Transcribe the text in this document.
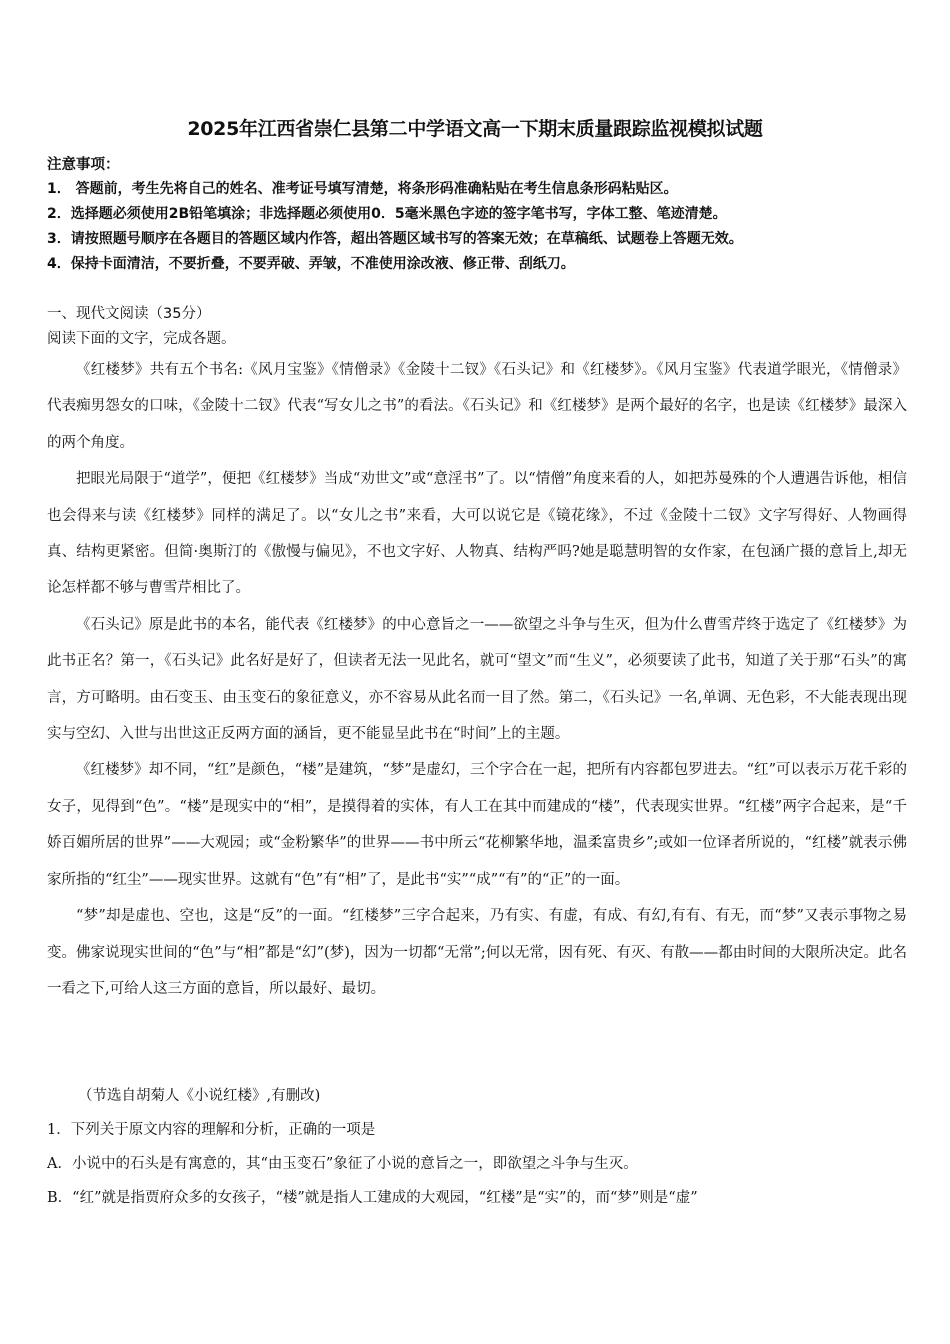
2025年江西省崇仁县第二中学语文高一下期末质量跟踪监视模拟试题
注意事项：
1． 答题前，考生先将自己的姓名、准考证号填写清楚，将条形码准确粘贴在考生信息条形码粘贴区。
2．选择题必须使用2B铅笔填涂；非选择题必须使用0．5毫米黑色字迹的签字笔书写，字体工整、笔迹清楚。
3．请按照题号顺序在各题目的答题区域内作答，超出答题区域书写的答案无效；在草稿纸、试题卷上答题无效。
4．保持卡面清洁，不要折叠，不要弄破、弄皱，不准使用涂改液、修正带、刮纸刀。
一、现代文阅读（35分）
阅读下面的文字，完成各题。

《红楼梦》共有五个书名:《风月宝鉴》《情僧录》《金陵十二钗》《石头记》和《红楼梦》。《风月宝鉴》代表道学眼光，《情僧录》代表痴男怨女的口味，《金陵十二钗》代表“写女儿之书”的看法。《石头记》和《红楼梦》是两个最好的名字，也是读《红楼梦》最深入的两个角度。

把眼光局限于“道学”，便把《红楼梦》当成“劝世文”或“意淫书”了。以“情僧”角度来看的人，如把苏曼殊的个人遭遇告诉他，相信也会得来与读《红楼梦》同样的满足了。以“女儿之书”来看，大可以说它是《镜花缘》，不过《金陵十二钗》文字写得好、人物画得真、结构更紧密。但简·奥斯汀的《傲慢与偏见》，不也文字好、人物真、结构严吗?她是聪慧明智的女作家，在包涵广摄的意旨上,却无论怎样都不够与曹雪芹相比了。

《石头记》原是此书的本名，能代表《红楼梦》的中心意旨之一——欲望之斗争与生灭，但为什么曹雪芹终于选定了《红楼梦》为此书正名？第一，《石头记》此名好是好了，但读者无法一见此名，就可“望文”而“生义”，必须要读了此书，知道了关于那“石头”的寓言，方可略明。由石变玉、由玉变石的象征意义，亦不容易从此名而一目了然。第二，《石头记》一名,单调、无色彩，不大能表现出现实与空幻、入世与出世这正反两方面的涵旨，更不能显呈此书在“时间”上的主题。

《红楼梦》却不同，“红”是颜色，“楼”是建筑，“梦”是虚幻，三个字合在一起，把所有内容都包罗进去。“红”可以表示万花千彩的女子，见得到“色”。“楼”是现实中的“相”，是摸得着的实体，有人工在其中而建成的“楼”，代表现实世界。“红楼”两字合起来，是“千娇百媚所居的世界”——大观园；或“金粉繁华”的世界——书中所云“花柳繁华地，温柔富贵乡”;或如一位译者所说的，“红楼”就表示佛家所指的“红尘”——现实世界。这就有“色”有“相”了，是此书“实”“成”“有”的“正”的一面。

“梦”却是虚也、空也，这是“反”的一面。“红楼梦”三字合起来，乃有实、有虚，有成、有幻,有有、有无，而“梦”又表示事物之易变。佛家说现实世间的“色”与“相”都是“幻”(梦)，因为一切都“无常”;何以无常，因有死、有灭、有散——都由时间的大限所决定。此名一看之下,可给人这三方面的意旨，所以最好、最切。

（节选自胡菊人《小说红楼》,有删改)
1．下列关于原文内容的理解和分析，正确的一项是
A．小说中的石头是有寓意的，其“由玉变石”象征了小说的意旨之一，即欲望之斗争与生灭。
B．“红”就是指贾府众多的女孩子，“楼”就是指人工建成的大观园，“红楼”是“实”的，而“梦”则是“虚”
